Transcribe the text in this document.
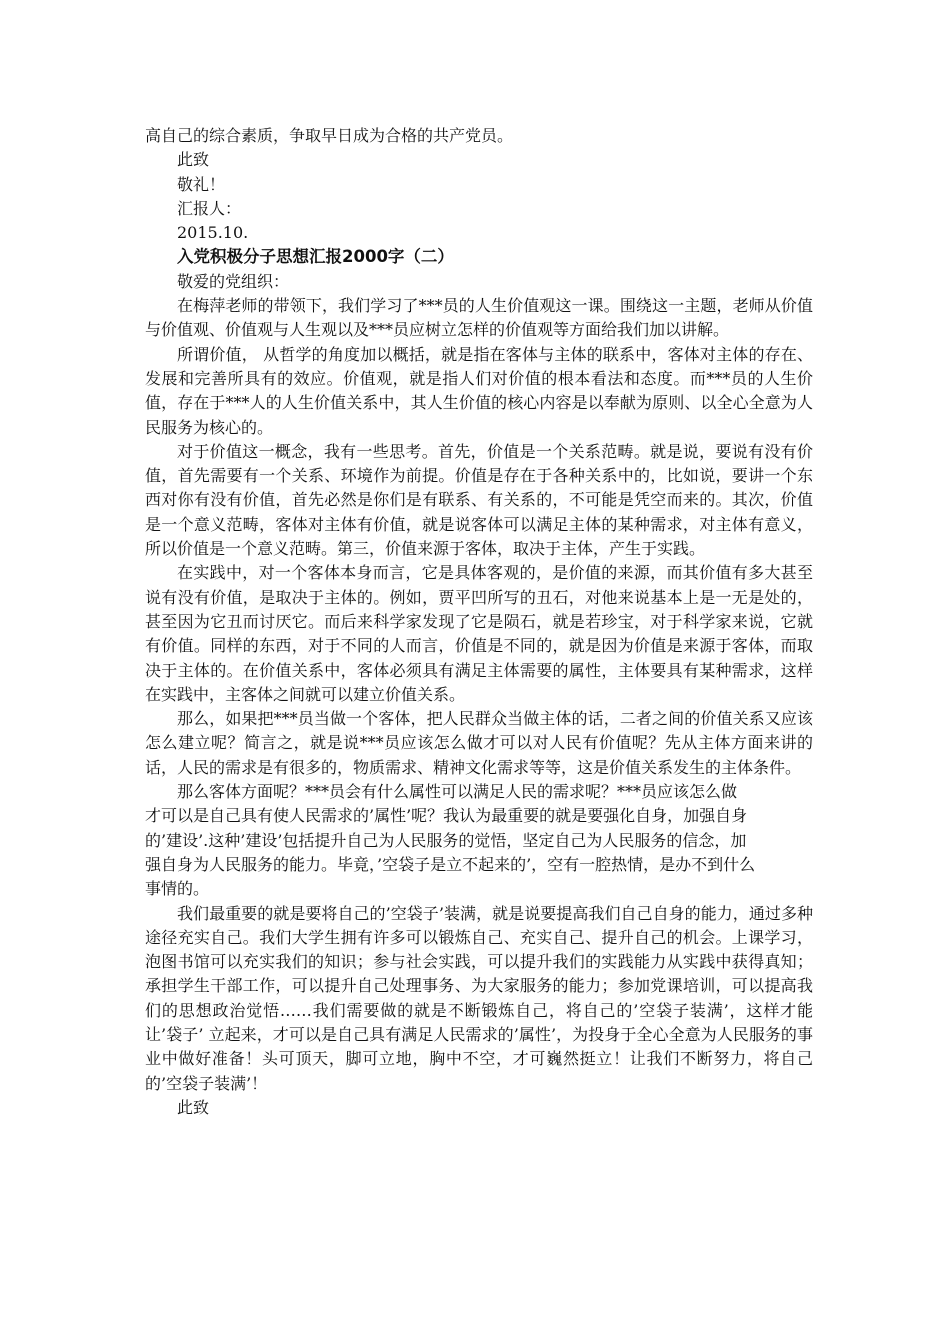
高自己的综合素质，争取早日成为合格的共产党员。
此致
敬礼！
汇报人：
2015.10.
入党积极分子思想汇报2000字（二）
敬爱的党组织：

在梅萍老师的带领下，我们学习了***员的人生价值观这一课。围绕这一主题，老师从价值与价值观、价值观与人生观以及***员应树立怎样的价值观等方面给我们加以讲解。

所谓价值， 从哲学的角度加以概括，就是指在客体与主体的联系中，客体对主体的存在、发展和完善所具有的效应。价值观，就是指人们对价值的根本看法和态度。而***员的人生价值，存在于***人的人生价值关系中，其人生价值的核心内容是以奉献为原则、以全心全意为人民服务为核心的。

对于价值这一概念，我有一些思考。首先，价值是一个关系范畴。就是说，要说有没有价值，首先需要有一个关系、环境作为前提。价值是存在于各种关系中的，比如说，要讲一个东西对你有没有价值，首先必然是你们是有联系、有关系的，不可能是凭空而来的。其次，价值是一个意义范畴，客体对主体有价值，就是说客体可以满足主体的某种需求，对主体有意义，所以价值是一个意义范畴。第三，价值来源于客体，取决于主体，产生于实践。

在实践中，对一个客体本身而言，它是具体客观的，是价值的来源，而其价值有多大甚至说有没有价值，是取决于主体的。例如，贾平凹所写的丑石，对他来说基本上是一无是处的，甚至因为它丑而讨厌它。而后来科学家发现了它是陨石，就是若珍宝，对于科学家来说，它就有价值。同样的东西，对于不同的人而言，价值是不同的，就是因为价值是来源于客体，而取决于主体的。在价值关系中，客体必须具有满足主体需要的属性，主体要具有某种需求，这样在实践中，主客体之间就可以建立价值关系。

那么，如果把***员当做一个客体，把人民群众当做主体的话，二者之间的价值关系又应该怎么建立呢？简言之，就是说***员应该怎么做才可以对人民有价值呢？先从主体方面来讲的话，人民的需求是有很多的，物质需求、精神文化需求等等，这是价值关系发生的主体条件。

那么客体方面呢？***员会有什么属性可以满足人民的需求呢？***员应该怎么做
才可以是自己具有使人民需求的’属性’呢？我认为最重要的就是要强化自身，加强自身
的’建设’.这种’建设’包括提升自己为人民服务的觉悟，坚定自己为人民服务的信念，加
强自身为人民服务的能力。毕竟，’空袋子是立不起来的’，空有一腔热情，是办不到什么
事情的。

我们最重要的就是要将自己的’空袋子’装满，就是说要提高我们自己自身的能力，通过多种途径充实自己。我们大学生拥有许多可以锻炼自己、充实自己、提升自己的机会。上课学习，泡图书馆可以充实我们的知识；参与社会实践，可以提升我们的实践能力从实践中获得真知；承担学生干部工作，可以提升自己处理事务、为大家服务的能力；参加党课培训，可以提高我们的思想政治觉悟……我们需要做的就是不断锻炼自己，将自己的’空袋子装满’，这样才能让’袋子’ 立起来，才可以是自己具有满足人民需求的’属性’，为投身于全心全意为人民服务的事业中做好准备！头可顶天，脚可立地，胸中不空，才可巍然挺立！让我们不断努力，将自己的’空袋子装满’！

此致
